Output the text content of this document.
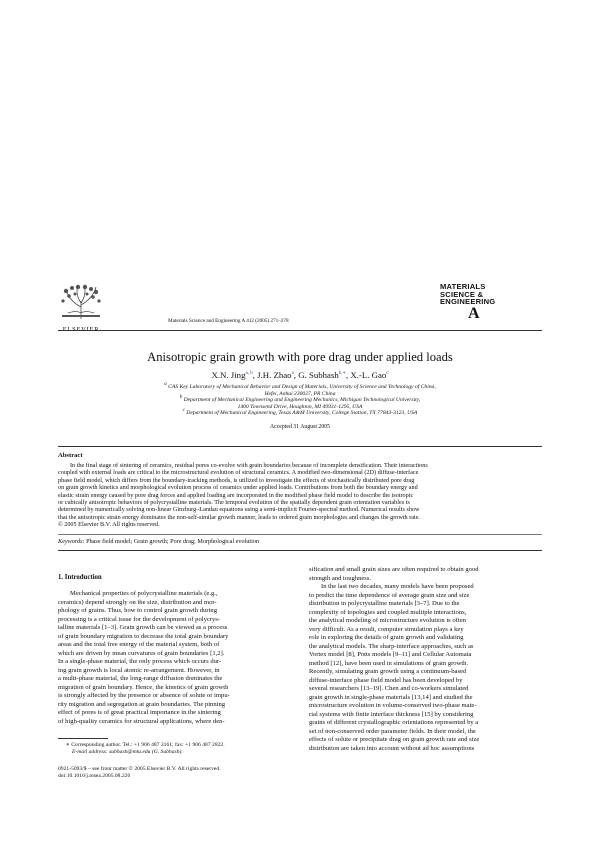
ELSEVIER
Materials Science and Engineering A 412 (2005) 271–278
MATERIALS
SCIENCE &
ENGINEERING
A
Anisotropic grain growth with pore drag under applied loads
X.N. Jing$^{a, b}$, J.H. Zhao$^a$, G. Subhash$^{b,∗}$, X.-L. Gao$^c$
a CAS Key Laboratory of Mechanical Behavior and Design of Materials, University of Science and Technology of China,
Hefei, Anhui 230027, PR China
b Department of Mechanical Engineering and Engineering Mechanics, Michigan Technological University,
1400 Townsend Drive, Houghton, MI 49931-1295, USA
c Department of Mechanical Engineering, Texas A&M University, College Station, TX 77843-3123, USA
Accepted 31 August 2005
Abstract
In the final stage of sintering of ceramics, residual pores co-evolve with grain boundaries because of incomplete densification. Their interactions
coupled with external loads are critical to the microstructural evolution of structural ceramics. A modified two-dimensional (2D) diffuse-interface
phase field model, which differs from the boundary-tracking methods, is utilized to investigate the effects of stochastically distributed pore drag
on grain growth kinetics and morphological evolution process of ceramics under applied loads. Contributions from both the boundary energy and
elastic strain energy caused by pore drag forces and applied loading are incorporated in the modified phase field model to describe the isotropic
or cubically anisotropic behaviors of polycrystalline materials. The temporal evolution of the spatially dependent grain orientation variables is
determined by numerically solving non-linear Ginzburg–Landau equations using a semi-implicit Fourier-spectral method. Numerical results show
that the anisotropic strain energy dominates the non-self-similar growth manner, leads to ordered grain morphologies and changes the growth rate.
© 2005 Elsevier B.V. All rights reserved.
Keywords: Phase field model; Grain growth; Pore drag; Morphological evolution
1. Introduction
Mechanical properties of polycrystalline materials (e.g.,
ceramics) depend strongly on the size, distribution and mor-
phology of grains. Thus, how to control grain growth during
processing is a critical issue for the development of polycrys-
talline materials [1–3]. Grain growth can be viewed as a process
of grain boundary migration to decrease the total grain boundary
areas and the total free energy of the material system, both of
which are driven by mean curvatures of grain boundaries [1,2].
In a single-phase material, the only process which occurs dur-
ing grain growth is local atomic re-arrangement. However, in
a multi-phase material, the long-range diffusion dominates the
migration of grain boundary. Hence, the kinetics of grain growth
is strongly affected by the presence or absence of solute or impu-
rity migration and segregation at grain boundaries. The pinning
effect of pores is of great practical importance in the sintering
of high-quality ceramics for structural applications, where den-
sification and small grain sizes are often required to obtain good
strength and toughness.
In the last two decades, many models have been proposed
to predict the time dependence of average grain size and size
distribution in polycrystalline materials [3–7]. Due to the
complexity of topologies and coupled multiple interactions,
the analytical modeling of microstructure evolution is often
very difficult. As a result, computer simulation plays a key
role in exploring the details of grain growth and validating
the analytical models. The sharp-interface approaches, such as
Vortex model [8], Potts models [9–11] and Cellular Automata
method [12], have been used in simulations of grain growth.
Recently, simulating grain growth using a continuum-based
diffuse-interface phase field model has been developed by
several researchers [13–19]. Chen and co-workers simulated
grain growth in single-phase materials [13,14] and studied the
microstructure evolution in volume-conserved two-phase mate-
rial systems with finite interface thickness [15] by considering
grains of different crystallographic orientations represented by a
set of non-conserved order parameter fields. In their model, the
effects of solute or precipitate drag on grain growth rate and size
distribution are taken into account without ad hoc assumptions
∗ Corresponding author. Tel.: +1 906 487 3161; fax: +1 906 487 2822.
E-mail address: subhash@mtu.edu (G. Subhash).
0921-5093/$ – see front matter © 2005 Elsevier B.V. All rights reserved.
doi:10.1016/j.msea.2005.08.220
